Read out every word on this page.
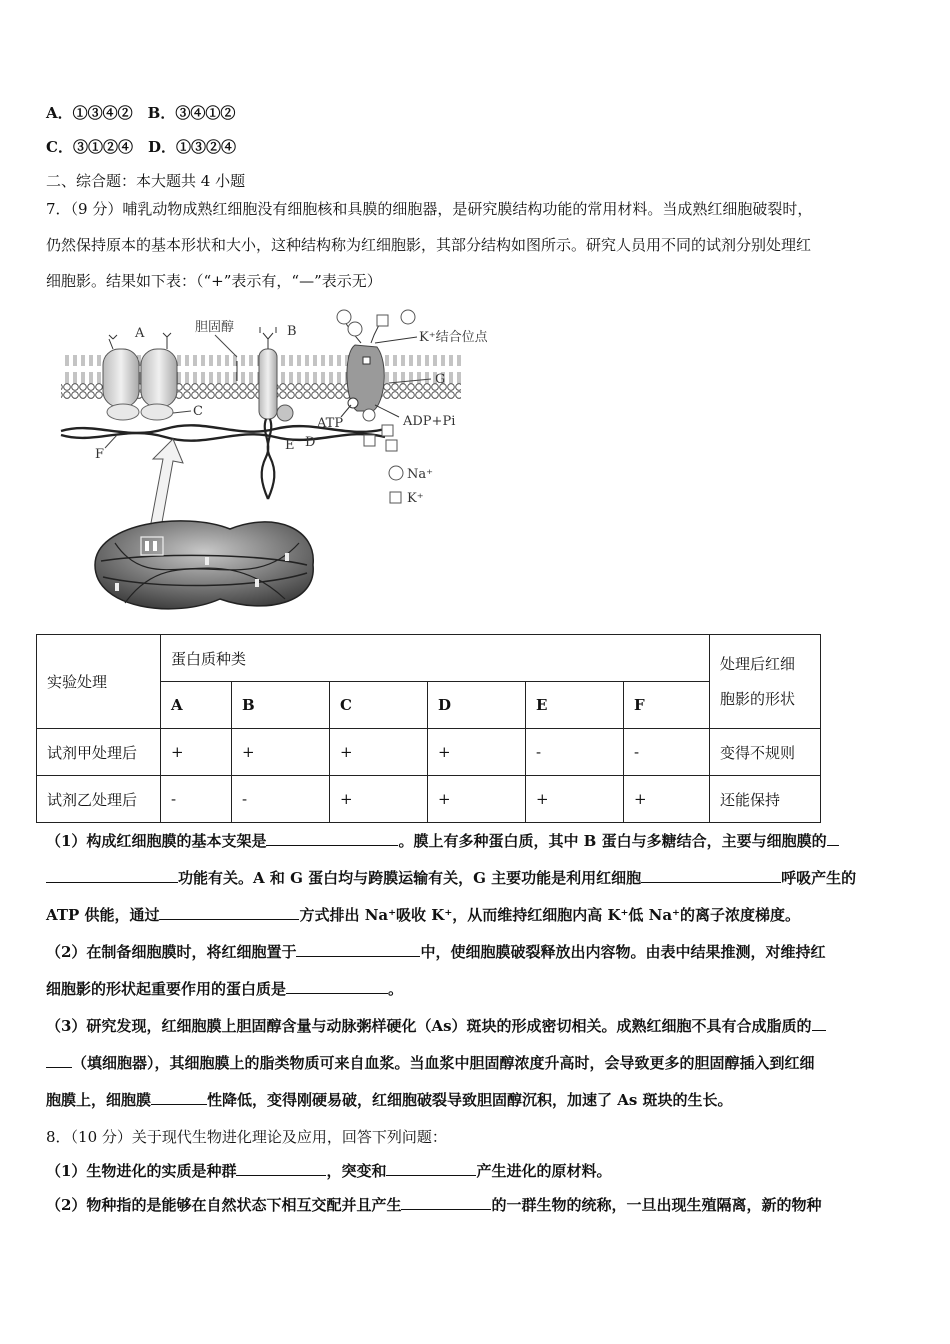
A．①③④②　B．③④①②
C．③①②④　D．①③②④
二、综合题：本大题共 4 小题
7．（9 分）哺乳动物成熟红细胞没有细胞核和具膜的细胞器，是研究膜结构功能的常用材料。当成熟红细胞破裂时，
仍然保持原本的基本形状和大小，这种结构称为红细胞影，其部分结构如图所示。研究人员用不同的试剂分别处理红
细胞影。结果如下表：（“+”表示有，“—”表示无）
A	胆固醇	B	K⁺结合位点
G
ATP	ADP+Pi
C
D
E
F
Na⁺
K⁺
实验处理	蛋白质种类						处理后红细
胞影的形状

	A	B	C	D	E	F	
试剂甲处理后	+	+	+	+	-	-	变得不规则
试剂乙处理后	-	-	+	+	+	+	还能保持
（1）构成红细胞膜的基本支架是	。膜上有多种蛋白质，其中 B 蛋白与多糖结合，主要与细胞膜的
功能有关。A 和 G 蛋白均与跨膜运输有关，G 主要功能是利用红细胞	呼吸产生的
ATP 供能，通过	方式排出 Na⁺吸收 K⁺，从而维持红细胞内高 K⁺低 Na⁺的离子浓度梯度。
（2）在制备细胞膜时，将红细胞置于	中，使细胞膜破裂释放出内容物。由表中结果推测，对维持红
细胞影的形状起重要作用的蛋白质是	。
（3）研究发现，红细胞膜上胆固醇含量与动脉粥样硬化（As）斑块的形成密切相关。成熟红细胞不具有合成脂质的
（填细胞器），其细胞膜上的脂类物质可来自血浆。当血浆中胆固醇浓度升高时，会导致更多的胆固醇插入到红细
胞膜上，细胞膜	性降低，变得刚硬易破，红细胞破裂导致胆固醇沉积，加速了 As 斑块的生长。
8．（10 分）关于现代生物进化理论及应用，回答下列问题：
（1）生物进化的实质是种群	，突变和	产生进化的原材料。
（2）物种指的是能够在自然状态下相互交配并且产生	的一群生物的统称，一旦出现生殖隔离，新的物种
